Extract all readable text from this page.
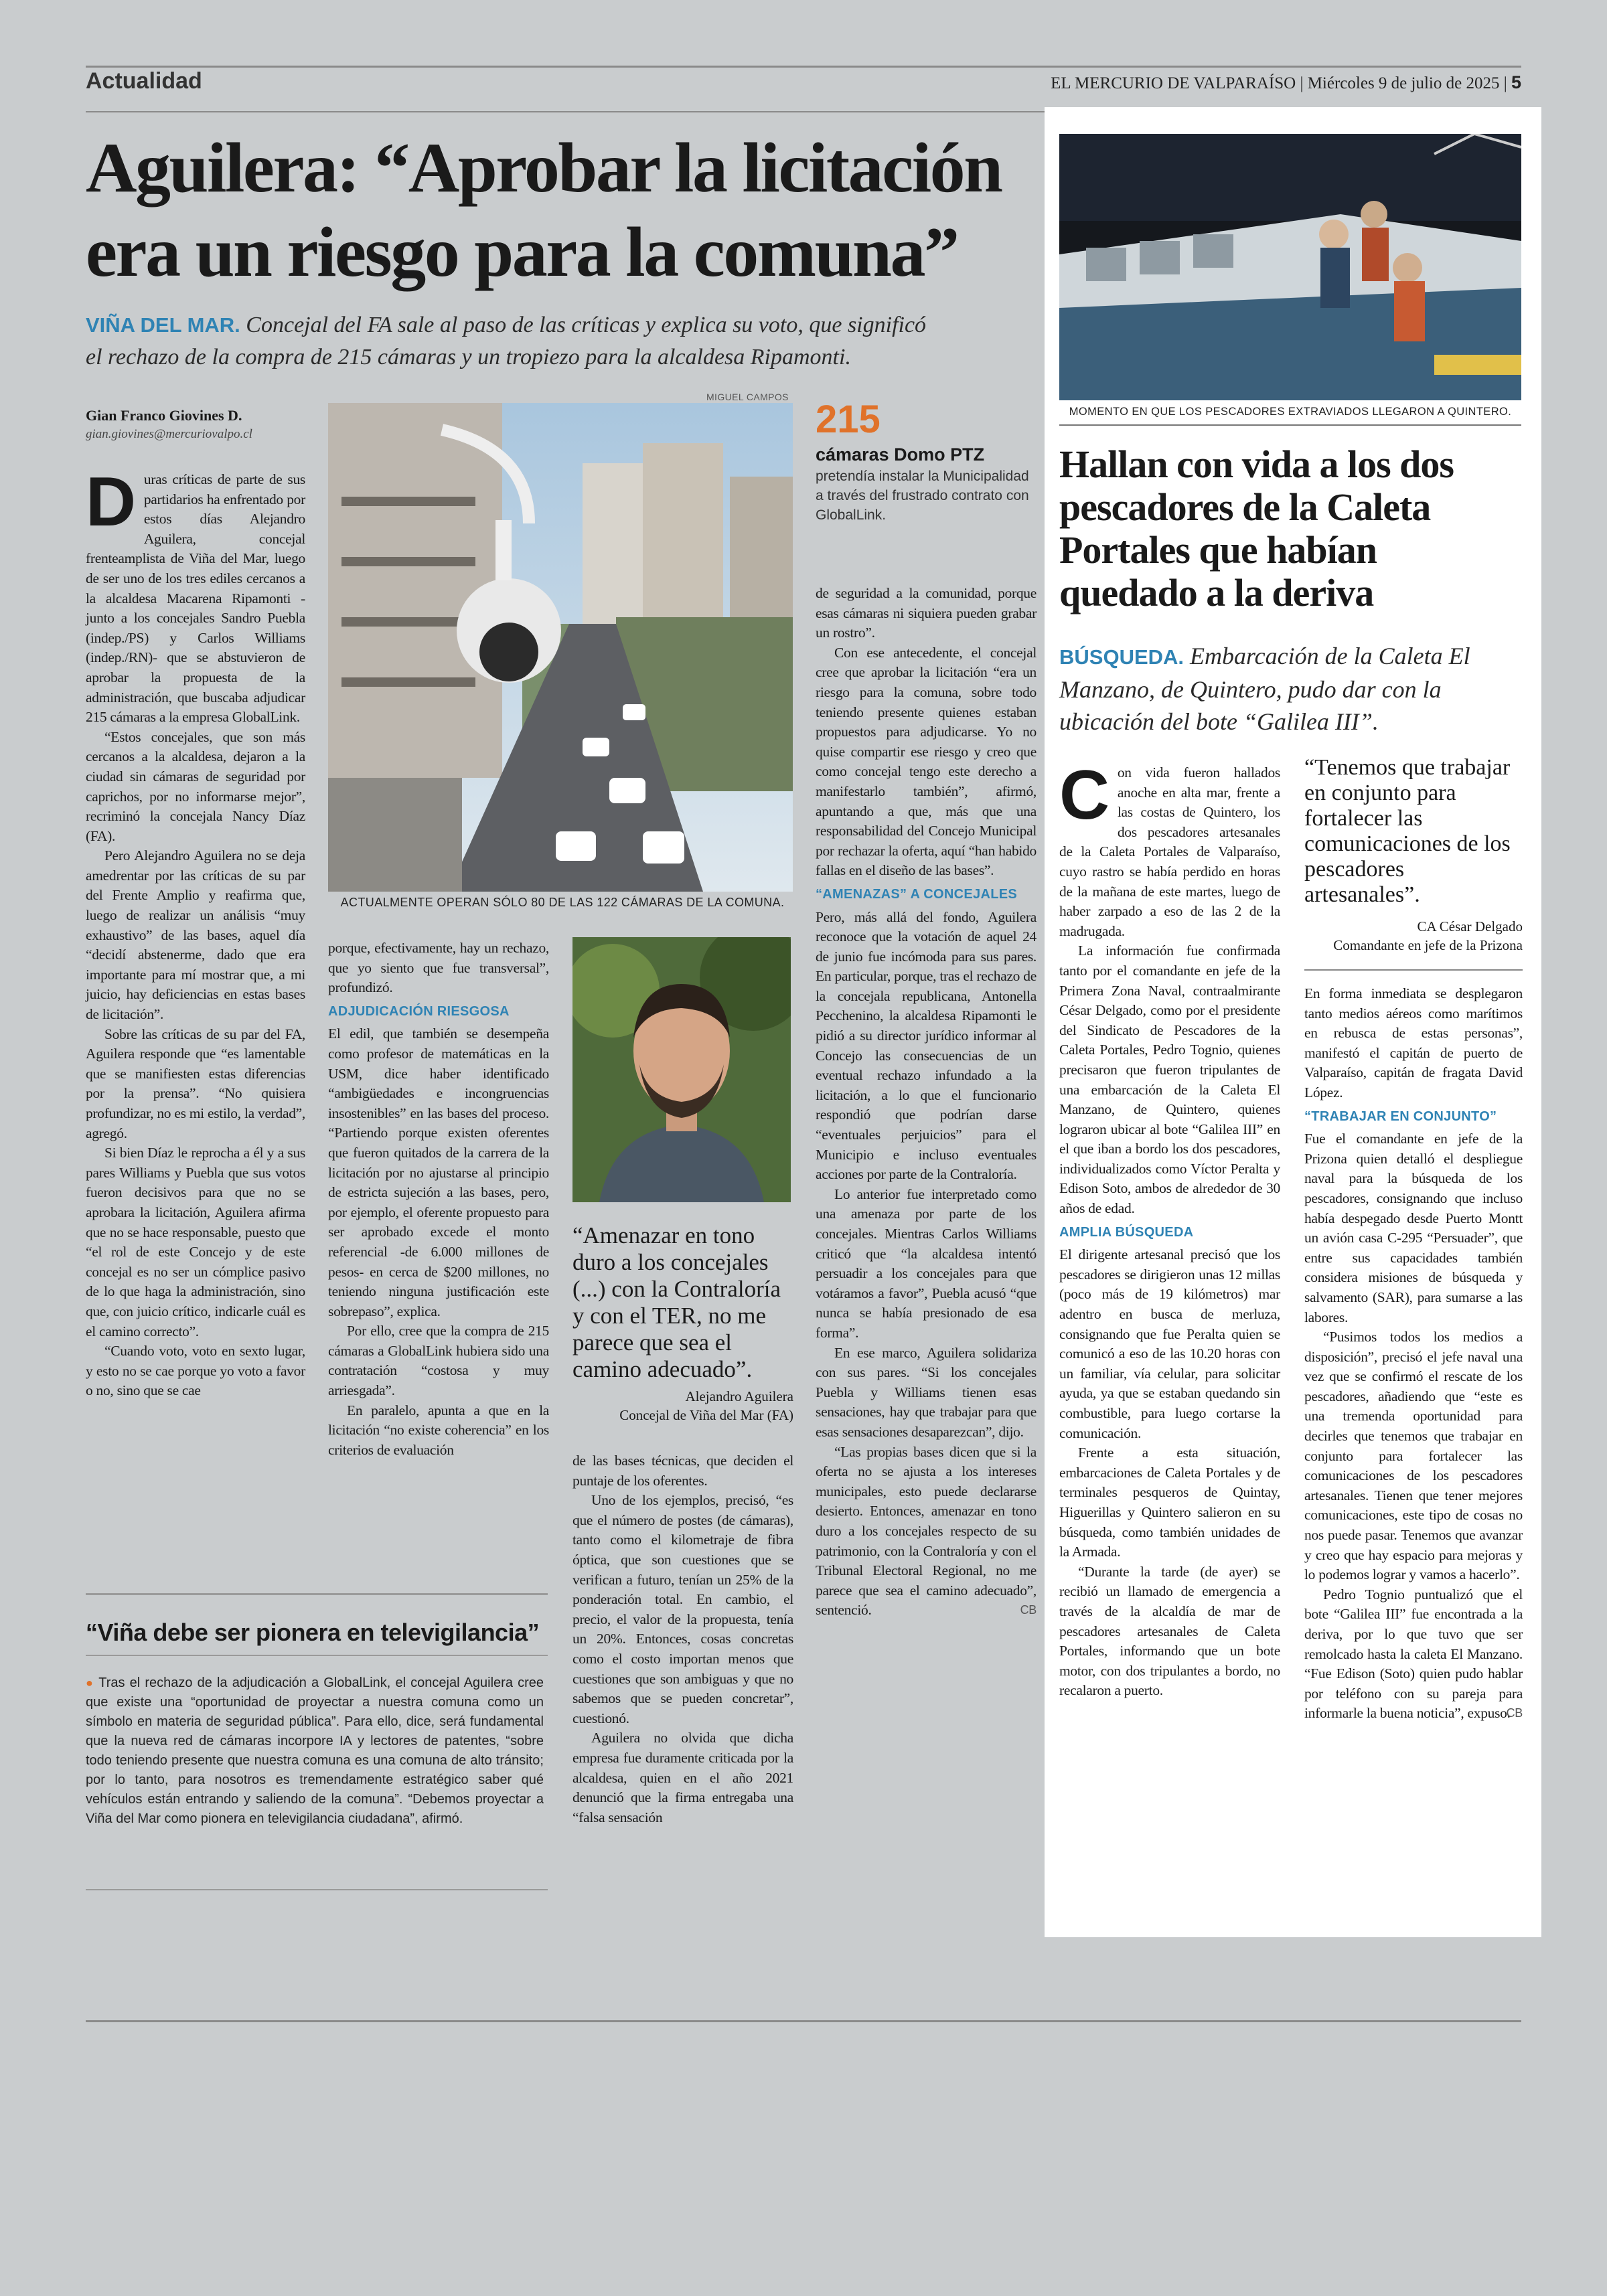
Actualidad	EL MERCURIO DE VALPARAÍSO | Miércoles 9 de julio de 2025 | 5
Aguilera: “Aprobar la licitación
era un riesgo para la comuna”
VIÑA DEL MAR. Concejal del FA sale al paso de las críticas y explica su voto, que significó
el rechazo de la compra de 215 cámaras y un tropiezo para la alcaldesa Ripamonti.
Gian Franco Giovines D.
gian.giovines@mercuriovalpo.cl

Duras críticas de parte de sus partidarios ha enfrentado por estos días Alejandro Aguilera, concejal frenteamplista de Viña del Mar, luego de ser uno de los tres ediles cercanos a la alcaldesa Macarena Ripamonti -junto a los concejales Sandro Puebla (indep./PS) y Carlos Williams (indep./RN)- que se abstuvieron de aprobar la propuesta de la administración, que buscaba adjudicar 215 cámaras a la empresa GlobalLink.

“Estos concejales, que son más cercanos a la alcaldesa, dejaron a la ciudad sin cámaras de seguridad por caprichos, por no informarse mejor”, recriminó la concejala Nancy Díaz (FA).

Pero Alejandro Aguilera no se deja amedrentar por las críticas de su par del Frente Amplio y reafirma que, luego de realizar un análisis “muy exhaustivo” de las bases, aquel día “decidí abstenerme, dado que era importante para mí mostrar que, a mi juicio, hay deficiencias en estas bases de licitación”.

Sobre las críticas de su par del FA, Aguilera responde que “es lamentable que se manifiesten estas diferencias por la prensa”. “No quisiera profundizar, no es mi estilo, la verdad”, agregó.

Si bien Díaz le reprocha a él y a sus pares Williams y Puebla que sus votos fueron decisivos para que no se aprobara la licitación, Aguilera afirma que no se hace responsable, puesto que “el rol de este Concejo y de este concejal es no ser un cómplice pasivo de lo que haga la administración, sino que, con juicio crítico, indicarle cuál es el camino correcto”.

“Cuando voto, voto en sexto lugar, y esto no se cae porque yo voto a favor o no, sino que se cae

MIGUEL CAMPOS
ACTUALMENTE OPERAN SÓLO 80 DE LAS 122 CÁMARAS DE LA COMUNA.
215
cámaras Domo PTZ
pretendía instalar la Municipalidad a través del frustrado contrato con GlobalLink.

porque, efectivamente, hay un rechazo, que yo siento que fue transversal”, profundizó.

ADJUDICACIÓN RIESGOSA

El edil, que también se desempeña como profesor de matemáticas en la USM, dice haber identificado “ambigüedades e incongruencias insostenibles” en las bases del proceso. “Partiendo porque existen oferentes que fueron quitados de la carrera de la licitación por no ajustarse al principio de estricta sujeción a las bases, pero, por ejemplo, el oferente propuesto para ser aprobado excede el monto referencial -de 6.000 millones de pesos- en cerca de $200 millones, no teniendo ninguna justificación este sobrepaso”, explica.

Por ello, cree que la compra de 215 cámaras a GlobalLink hubiera sido una contratación “costosa y muy arriesgada”.

En paralelo, apunta a que en la licitación “no existe coherencia” en los criterios de evaluación

“Amenazar en tono duro a los concejales (...) con la Contraloría y con el TER, no me parece que sea el camino adecuado”.
Alejandro Aguilera
Concejal de Viña del Mar (FA)

de las bases técnicas, que deciden el puntaje de los oferentes.

Uno de los ejemplos, precisó, “es que el número de postes (de cámaras), tanto como el kilometraje de fibra óptica, que son cuestiones que se verifican a futuro, tenían un 25% de la ponderación total. En cambio, el precio, el valor de la propuesta, tenía un 20%. Entonces, cosas concretas como el costo importan menos que cuestiones que son ambiguas y que no sabemos que se pueden concretar”, cuestionó.

Aguilera no olvida que dicha empresa fue duramente criticada por la alcaldesa, quien en el año 2021 denunció que la firma entregaba una “falsa sensación

de seguridad a la comunidad, porque esas cámaras ni siquiera pueden grabar un rostro”.

Con ese antecedente, el concejal cree que aprobar la licitación “era un riesgo para la comuna, sobre todo teniendo presente quienes estaban propuestos para adjudicarse. Yo no quise compartir ese riesgo y creo que como concejal tengo este derecho a manifestarlo también”, afirmó, apuntando a que, más que una responsabilidad del Concejo Municipal por rechazar la oferta, aquí “han habido fallas en el diseño de las bases”.

“AMENAZAS” A CONCEJALES

Pero, más allá del fondo, Aguilera reconoce que la votación de aquel 24 de junio fue incómoda para sus pares. En particular, porque, tras el rechazo de la concejala republicana, Antonella Pecchenino, la alcaldesa Ripamonti le pidió a su director jurídico informar al Concejo las consecuencias de un eventual rechazo infundado a la licitación, a lo que el funcionario respondió que podrían darse “eventuales perjuicios” para el Municipio e incluso eventuales acciones por parte de la Contraloría.

Lo anterior fue interpretado como una amenaza por parte de los concejales. Mientras Carlos Williams criticó que “la alcaldesa intentó persuadir a los concejales para que votáramos a favor”, Puebla acusó “que nunca se había presionado de esa forma”.

En ese marco, Aguilera solidariza con sus pares. “Si los concejales Puebla y Williams tienen esas sensaciones, hay que trabajar para que esas sensaciones desaparezcan”, dijo.

“Las propias bases dicen que si la oferta no se ajusta a los intereses municipales, esto puede declararse desierto. Entonces, amenazar en tono duro a los concejales respecto de su patrimonio, con la Contraloría y con el Tribunal Electoral Regional, no me parece que sea el camino adecuado”, sentenció.	CB
“Viña debe ser pionera en televigilancia”
● Tras el rechazo de la adjudicación a GlobalLink, el concejal Aguilera cree que existe una “oportunidad de proyectar a nuestra comuna como un símbolo en materia de seguridad pública”. Para ello, dice, será fundamental que la nueva red de cámaras incorpore IA y lectores de patentes, “sobre todo teniendo presente que nuestra comuna es una comuna de alto tránsito; por lo tanto, para nosotros es tremendamente estratégico saber qué vehículos están entrando y saliendo de la comuna”. “Debemos proyectar a Viña del Mar como pionera en televigilancia ciudadana”, afirmó.
MOMENTO EN QUE LOS PESCADORES EXTRAVIADOS LLEGARON A QUINTERO.
Hallan con vida a los dos pescadores de la Caleta Portales que habían quedado a la deriva
BÚSQUEDA. Embarcación de la Caleta El Manzano, de Quintero, pudo dar con la ubicación del bote “Galilea III”.

Con vida fueron hallados anoche en alta mar, frente a las costas de Quintero, los dos pescadores artesanales de la Caleta Portales de Valparaíso, cuyo rastro se había perdido en horas de la mañana de este martes, luego de haber zarpado a eso de las 2 de la madrugada.

La información fue confirmada tanto por el comandante en jefe de la Primera Zona Naval, contraalmirante César Delgado, como por el presidente del Sindicato de Pescadores de la Caleta Portales, Pedro Tognio, quienes precisaron que fueron tripulantes de una embarcación de la Caleta El Manzano, de Quintero, quienes lograron ubicar al bote “Galilea III” en el que iban a bordo los dos pescadores, individualizados como Víctor Peralta y Edison Soto, ambos de alrededor de 30 años de edad.

AMPLIA BÚSQUEDA

El dirigente artesanal precisó que los pescadores se dirigieron unas 12 millas (poco más de 19 kilómetros) mar adentro en busca de merluza, consignando que fue Peralta quien se comunicó a eso de las 10.20 horas con un familiar, vía celular, para solicitar ayuda, ya que se estaban quedando sin combustible, para luego cortarse la comunicación.

Frente a esta situación, embarcaciones de Caleta Portales y de terminales pesqueros de Quintay, Higuerillas y Quintero salieron en su búsqueda, como también unidades de la Armada.

“Durante la tarde (de ayer) se recibió un llamado de emergencia a través de la alcaldía de mar de pescadores artesanales de Caleta Portales, informando que un bote motor, con dos tripulantes a bordo, no recalaron a puerto.

“Tenemos que trabajar en conjunto para fortalecer las comunicaciones de los pescadores artesanales”.
CA César Delgado
Comandante en jefe de la Prizona

En forma inmediata se desplegaron tanto medios aéreos como marítimos en rebusca de estas personas”, manifestó el capitán de puerto de Valparaíso, capitán de fragata David López.

“TRABAJAR EN CONJUNTO”

Fue el comandante en jefe de la Prizona quien detalló el despliegue naval para la búsqueda de los pescadores, consignando que incluso había despegado desde Puerto Montt un avión casa C-295 “Persuader”, que entre sus capacidades también considera misiones de búsqueda y salvamento (SAR), para sumarse a las labores.

“Pusimos todos los medios a disposición”, precisó el jefe naval una vez que se confirmó el rescate de los pescadores, añadiendo que “este es una tremenda oportunidad para decirles que tenemos que trabajar en conjunto para fortalecer las comunicaciones de los pescadores artesanales. Tienen que tener mejores comunicaciones, este tipo de cosas no nos puede pasar. Tenemos que avanzar y creo que hay espacio para mejoras y lo podemos lograr y vamos a hacerlo”.

Pedro Tognio puntualizó que el bote “Galilea III” fue encontrada a la deriva, por lo que tuvo que ser remolcado hasta la caleta El Manzano. “Fue Edison (Soto) quien pudo hablar por teléfono con su pareja para informarle la buena noticia”, expuso.

CB
